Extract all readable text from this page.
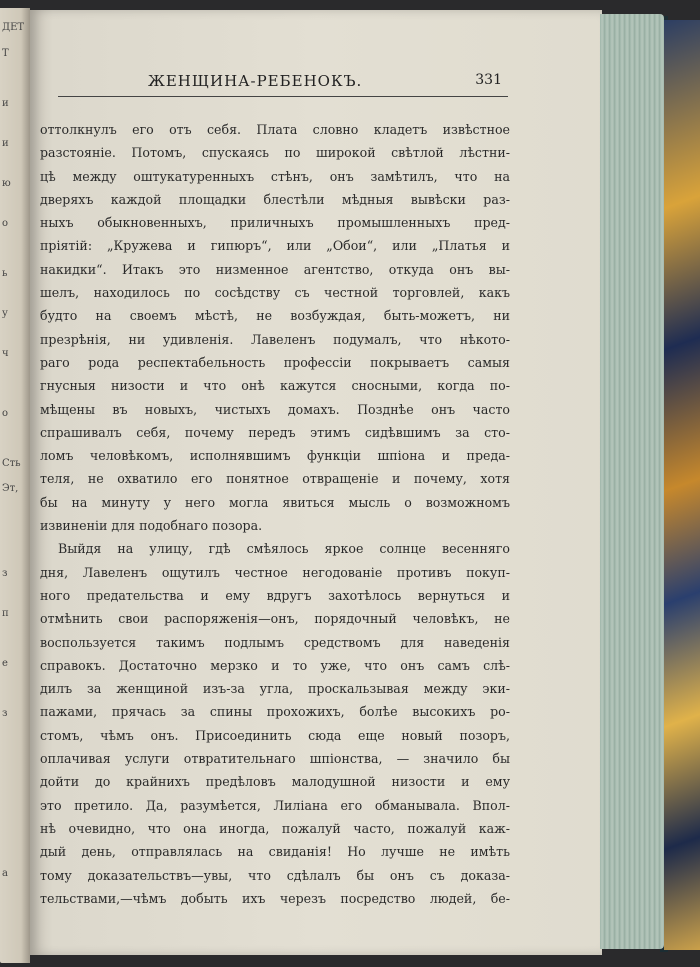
ДЕТ
Т
и
и
ю
о
ь
у
ч
о
Сть
Эт,
з
п
е
з
а
ЖЕНЩИНА-РЕБЕНОКЪ.	331
оттолкнулъ его отъ себя. Плата словно кладетъ извѣстное
разстояніе. Потомъ, спускаясь по широкой свѣтлой лѣстни-
цѣ между оштукатуренныхъ стѣнъ, онъ замѣтилъ, что на
дверяхъ каждой площадки блестѣли мѣдныя вывѣски раз-
ныхъ обыкновенныхъ, приличныхъ промышленныхъ пред-
пріятій: „Кружева и гипюръ“, или „Обои“, или „Платья и
накидки“. Итакъ это низменное агентство, откуда онъ вы-
шелъ, находилось по сосѣдству съ честной торговлей, какъ
будто на своемъ мѣстѣ, не возбуждая, быть-можетъ, ни
презрѣнія, ни удивленія. Лавеленъ подумалъ, что нѣкото-
раго рода респектабельность профессіи покрываетъ самыя
гнусныя низости и что онѣ кажутся сносными, когда по-
мѣщены въ новыхъ, чистыхъ домахъ. Позднѣе онъ часто
спрашивалъ себя, почему передъ этимъ сидѣвшимъ за сто-
ломъ человѣкомъ, исполнявшимъ функціи шпіона и преда-
теля, не охватило его понятное отвращеніе и почему, хотя
бы на минуту у него могла явиться мысль о возможномъ
извиненіи для подобнаго позора.
Выйдя на улицу, гдѣ смѣялось яркое солнце весенняго
дня, Лавеленъ ощутилъ честное негодованіе противъ покуп-
ного предательства и ему вдругъ захотѣлось вернуться и
отмѣнить свои распоряженія—онъ, порядочный человѣкъ, не
воспользуется такимъ подлымъ средствомъ для наведенія
справокъ. Достаточно мерзко и то уже, что онъ самъ слѣ-
дилъ за женщиной изъ-за угла, проскальзывая между эки-
пажами, прячась за спины прохожихъ, болѣе высокихъ ро-
стомъ, чѣмъ онъ. Присоединить сюда еще новый позоръ,
оплачивая услуги отвратительнаго шпіонства, — значило бы
дойти до крайнихъ предѣловъ малодушной низости и ему
это претило. Да, разумѣется, Лиліана его обманывала. Впол-
нѣ очевидно, что она иногда, пожалуй часто, пожалуй каж-
дый день, отправлялась на свиданія! Но лучше не имѣть
тому доказательствъ—увы, что сдѣлалъ бы онъ съ доказа-
тельствами,—чѣмъ добыть ихъ черезъ посредство людей, бе-
